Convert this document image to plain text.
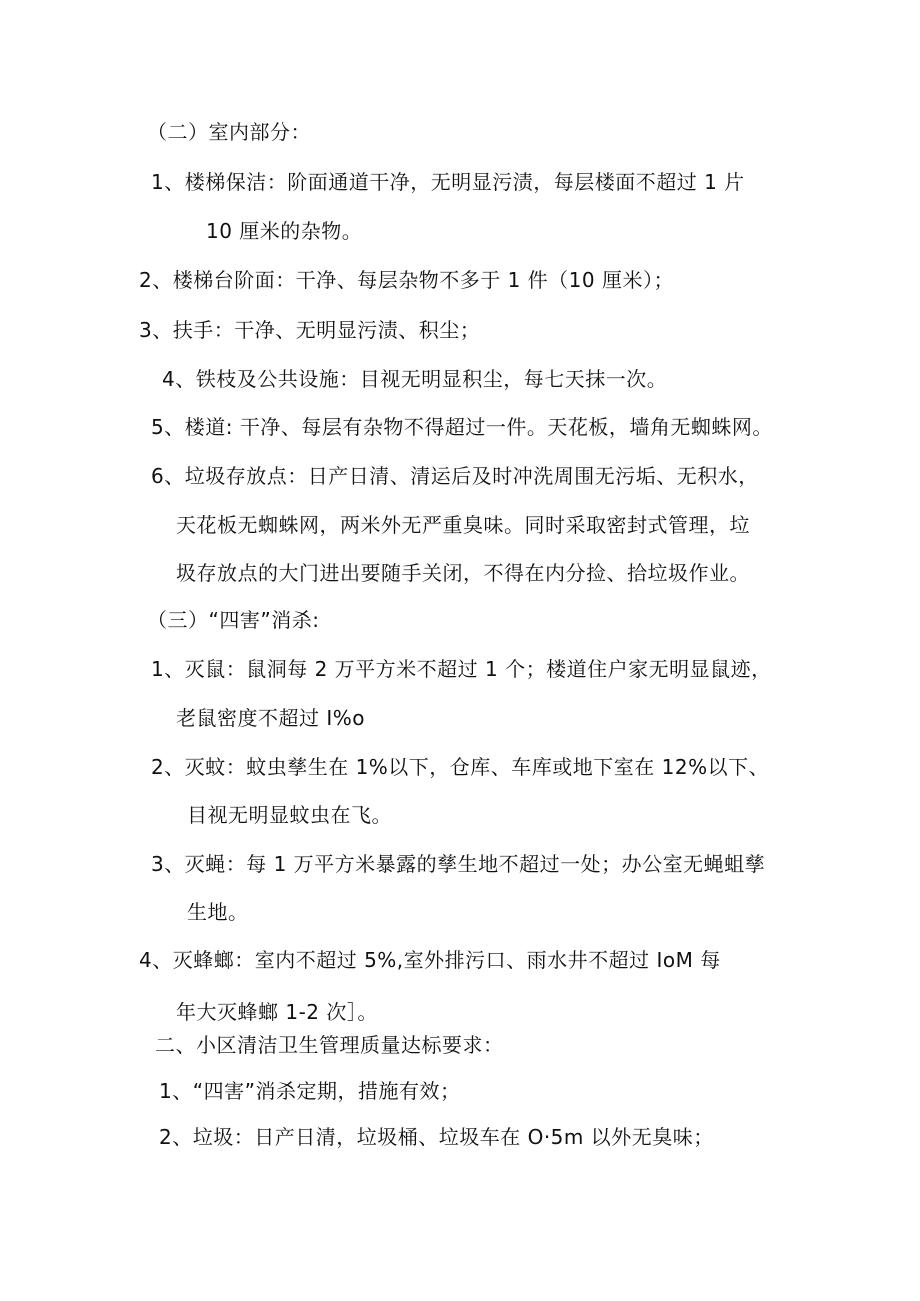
（二）室内部分：
1、楼梯保洁：阶面通道干净，无明显污渍，每层楼面不超过 1 片
10 厘米的杂物。
2、楼梯台阶面：干净、每层杂物不多于 1 件（10 厘米）；
3、扶手：干净、无明显污渍、积尘；
4、铁枝及公共设施：目视无明显积尘，每七天抹一次。
5、楼道: 干净、每层有杂物不得超过一件。天花板，墙角无蜘蛛网。
6、垃圾存放点：日产日清、清运后及时冲洗周围无污垢、无积水，
天花板无蜘蛛网，两米外无严重臭味。同时采取密封式管理，垃
圾存放点的大门进出要随手关闭，不得在内分捡、拾垃圾作业。
（三）“四害”消杀:
1、灭鼠：鼠洞每 2 万平方米不超过 1 个；楼道住户家无明显鼠迹，
老鼠密度不超过 I%o
2、灭蚊：蚊虫孳生在 1%以下，仓库、车库或地下室在 12%以下、
目视无明显蚊虫在飞。
3、灭蝇：每 1 万平方米暴露的孳生地不超过一处；办公室无蝇蛆孳
生地。
4、灭蜂螂：室内不超过 5%,室外排污口、雨水井不超过 IoM 每
年大灭蜂螂 1-2 次］。
二、小区清洁卫生管理质量达标要求：
1、“四害”消杀定期，措施有效；
2、垃圾：日产日清，垃圾桶、垃圾车在 O·5m 以外无臭味；
